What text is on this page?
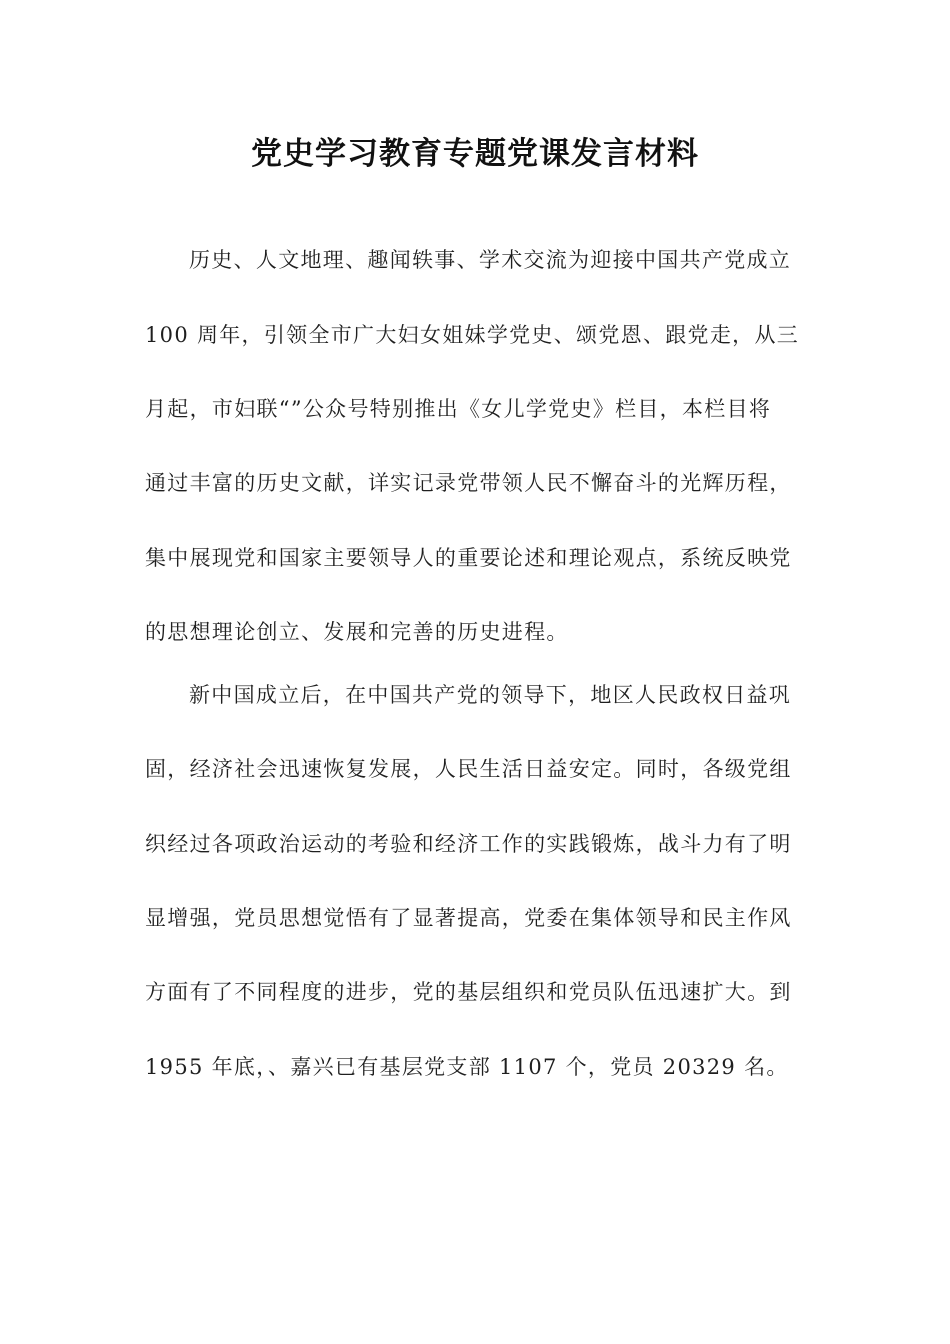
党史学习教育专题党课发言材料
历史、人文地理、趣闻轶事、学术交流为迎接中国共产党成立
100 周年，引领全市广大妇女姐妹学党史、颂党恩、跟党走，从三
月起，市妇联“”公众号特别推出《女儿学党史》栏目，本栏目将
通过丰富的历史文献，详实记录党带领人民不懈奋斗的光辉历程，
集中展现党和国家主要领导人的重要论述和理论观点，系统反映党
的思想理论创立、发展和完善的历史进程。
新中国成立后，在中国共产党的领导下，地区人民政权日益巩
固，经济社会迅速恢复发展，人民生活日益安定。同时，各级党组
织经过各项政治运动的考验和经济工作的实践锻炼，战斗力有了明
显增强，党员思想觉悟有了显著提高，党委在集体领导和民主作风
方面有了不同程度的进步，党的基层组织和党员队伍迅速扩大。到
1955 年底，、嘉兴已有基层党支部 1107 个，党员 20329 名。
